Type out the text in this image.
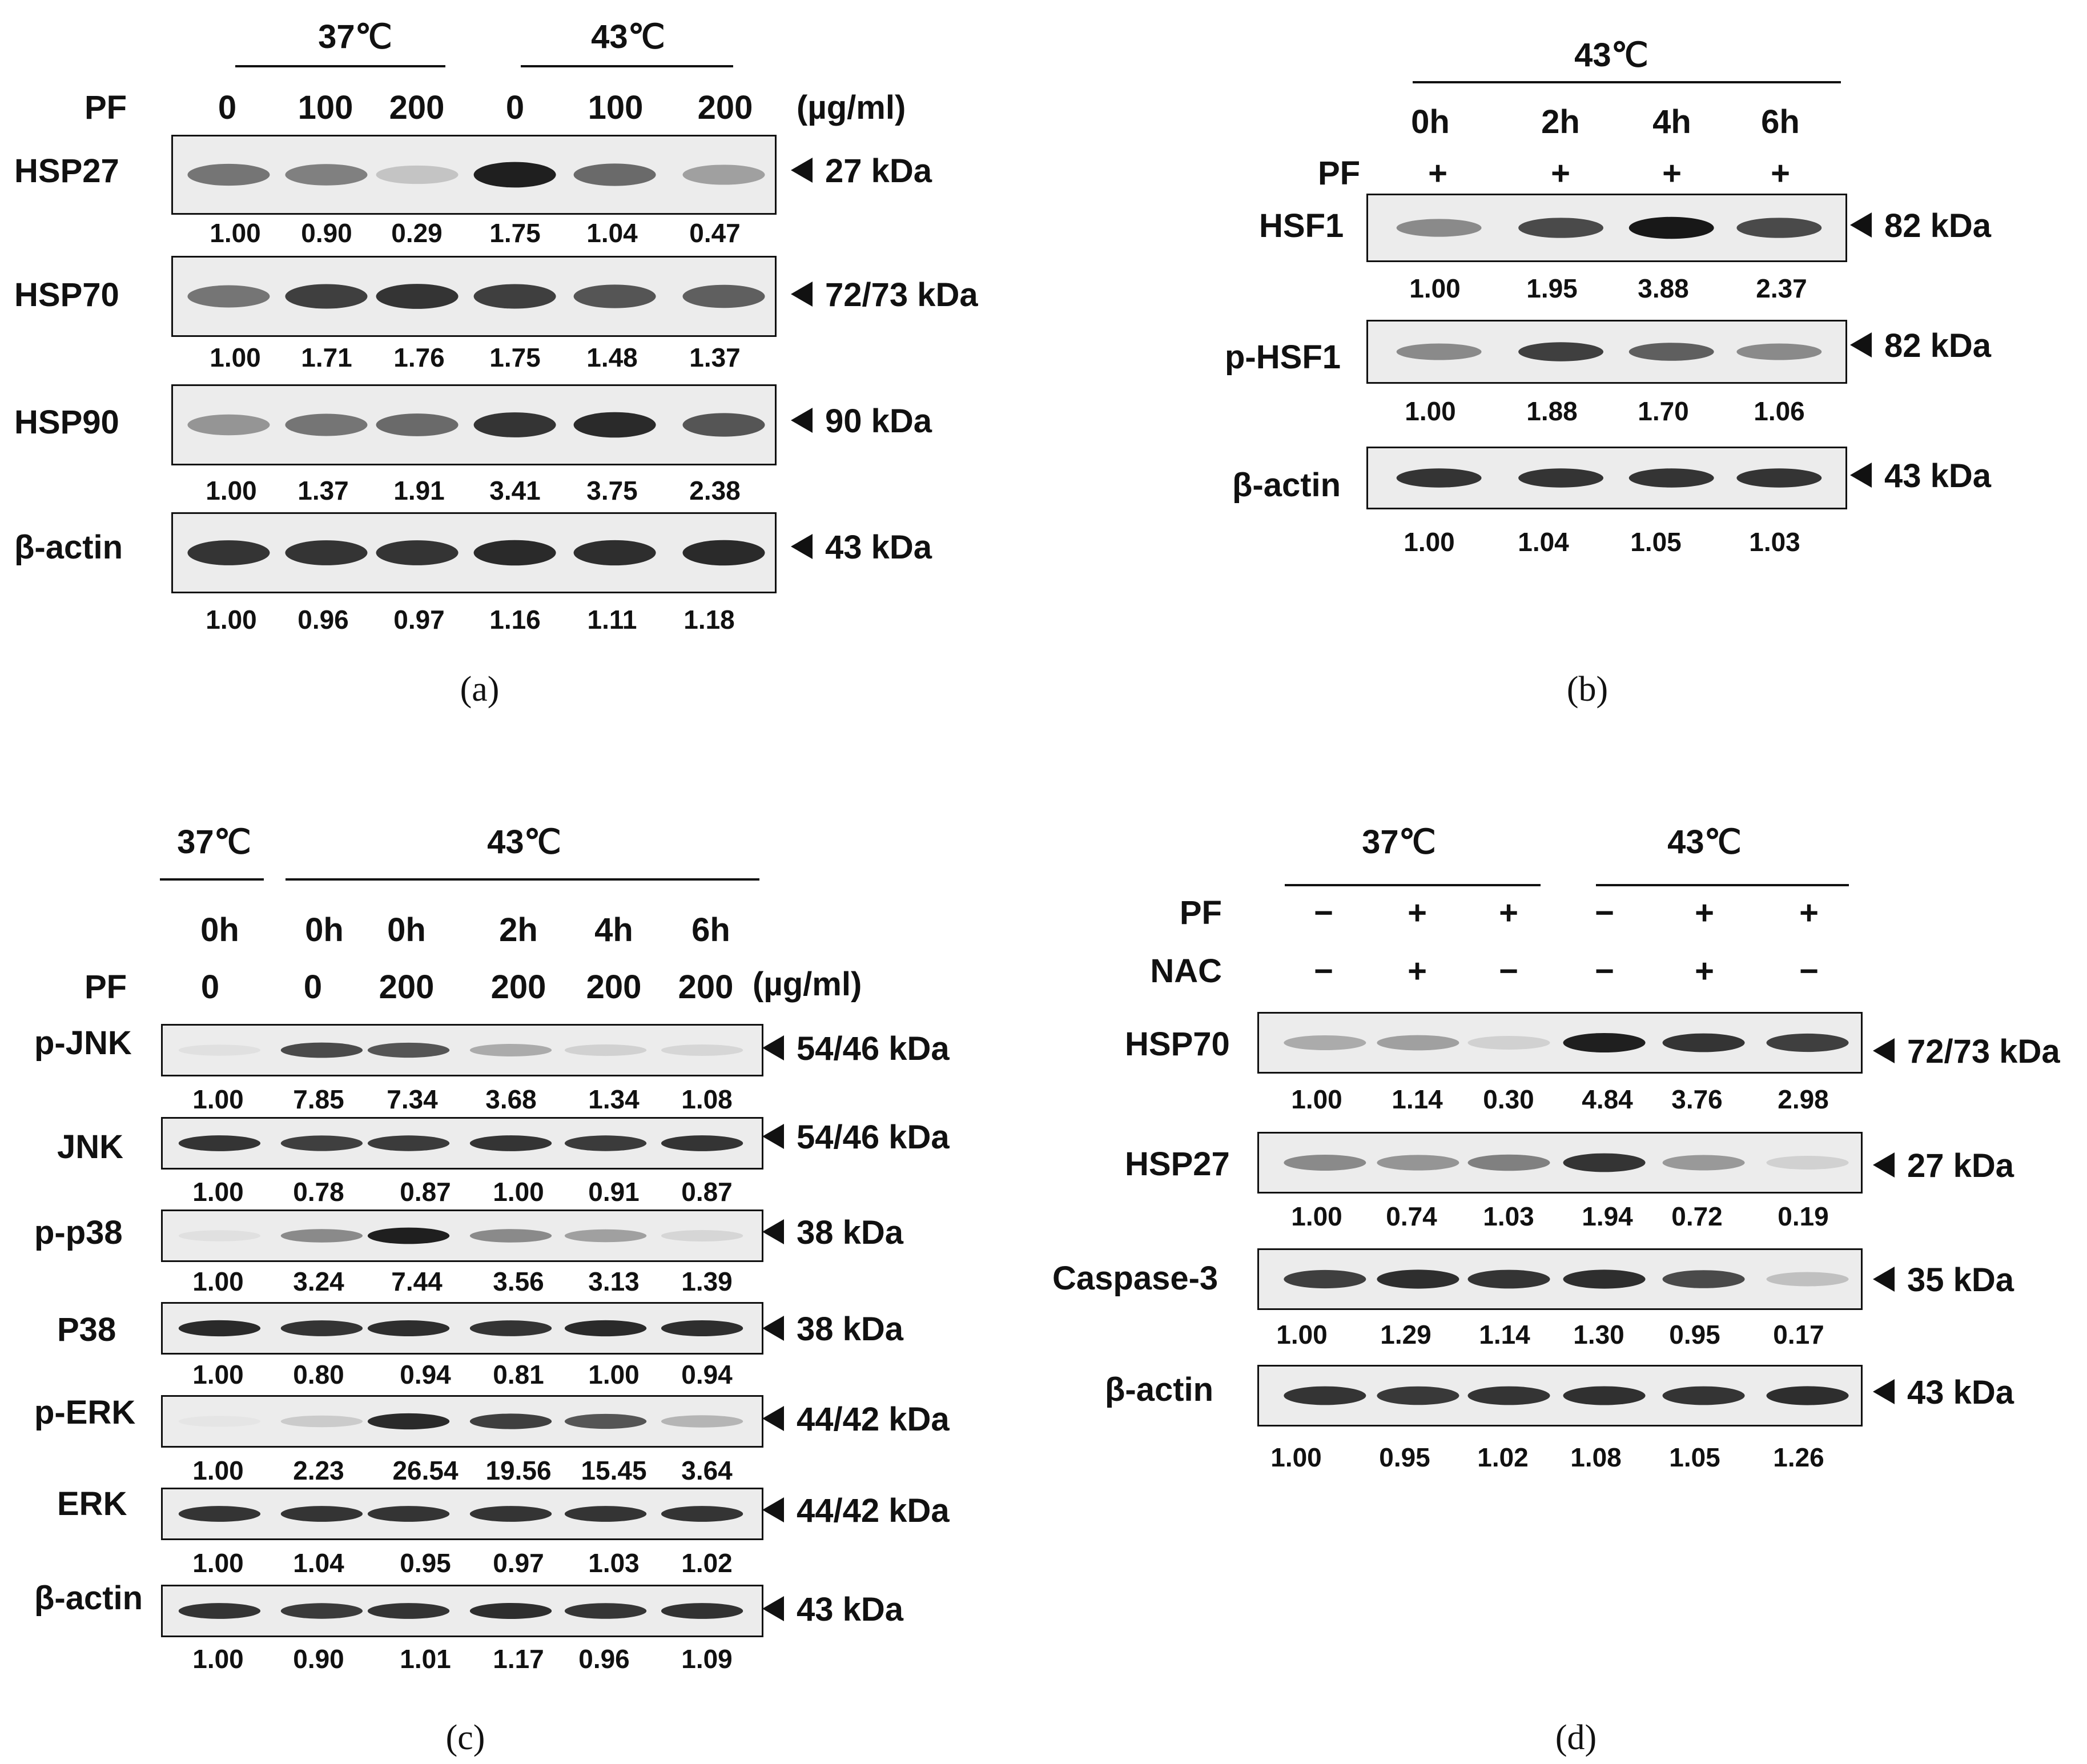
37℃	43℃
PF	0 100 200 0 100 200 (µg/ml)
HSP27	27 kDa
1.00 0.90 0.29 1.75 1.04 0.47
HSP70	72/73 kDa
1.00 1.71 1.76 1.75 1.48 1.37
HSP90	90 kDa
1.00 1.37 1.91 3.41 3.75 2.38
β-actin	43 kDa
1.00 0.96 0.97 1.16 1.11 1.18
(a)
43℃
0h	2h 4h 6h
PF +	+	+	+
HSF1	82 kDa
1.00	1.95 3.88	2.37
p-HSF1	82 kDa
1.00	1.88 1.70 1.06
β-actin	43 kDa
1.00 1.04 1.05	1.03
(b)
37℃	43℃
0h 0h 0h 2h 4h 6h
PF 0	0 200 200 200 200 (µg/ml)
p-JNK	54/46 kDa
1.00 7.85 7.34 3.68 1.34 1.08
JNK	54/46 kDa
1.00 0.78 0.87 1.00 0.91 0.87
p-p38	38 kDa
1.00 3.24 7.44 3.56 3.13 1.39
P38	38 kDa
1.00 0.80 0.94 0.81 1.00 0.94
p-ERK	44/42 kDa
1.00 2.23 26.54 19.56 15.45 3.64
ERK	44/42 kDa
1.00 1.04 0.95 0.97 1.03 1.02
β-actin	43 kDa
1.00 0.90 1.01 1.17 0.96 1.09
(c)
37℃	43℃
PF	− + + − +	+
NAC	− + − − +	−
HSP70	72/73 kDa
1.00 1.14 0.30 4.84 3.76 2.98
HSP27	27 kDa
1.00 0.74 1.03 1.94 0.72 0.19
Caspase-3	35 kDa
1.00 1.29 1.14 1.30 0.95 0.17
β-actin	43 kDa
1.00 0.95 1.02 1.08 1.05 1.26
(d)
